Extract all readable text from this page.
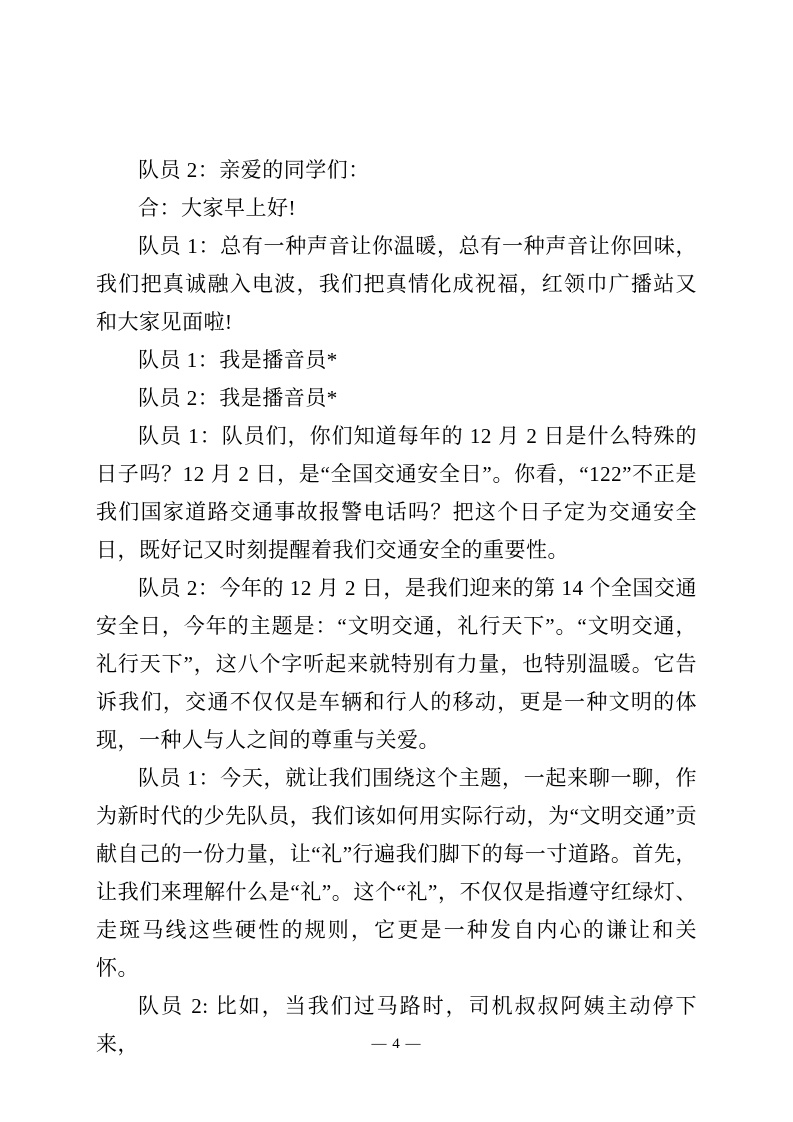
队员 2：亲爱的同学们：

合：大家早上好!

队员 1：总有一种声音让你温暖，总有一种声音让你回味，我们把真诚融入电波，我们把真情化成祝福，红领巾广播站又和大家见面啦!

队员 1：我是播音员*

队员 2：我是播音员*

队员 1：队员们，你们知道每年的 12 月 2 日是什么特殊的日子吗？12 月 2 日，是“全国交通安全日”。你看，“122”不正是我们国家道路交通事故报警电话吗？把这个日子定为交通安全日，既好记又时刻提醒着我们交通安全的重要性。

队员 2：今年的 12 月 2 日，是我们迎来的第 14 个全国交通安全日，今年的主题是：“文明交通，礼行天下”。“文明交通，礼行天下”，这八个字听起来就特别有力量，也特别温暖。它告诉我们，交通不仅仅是车辆和行人的移动，更是一种文明的体现，一种人与人之间的尊重与关爱。

队员 1：今天，就让我们围绕这个主题，一起来聊一聊，作为新时代的少先队员，我们该如何用实际行动，为“文明交通”贡献自己的一份力量，让“礼”行遍我们脚下的每一寸道路。首先，让我们来理解什么是“礼”。这个“礼”，不仅仅是指遵守红绿灯、走斑马线这些硬性的规则，它更是一种发自内心的谦让和关怀。

队员 2: 比如，当我们过马路时，司机叔叔阿姨主动停下来，	— 4 —
